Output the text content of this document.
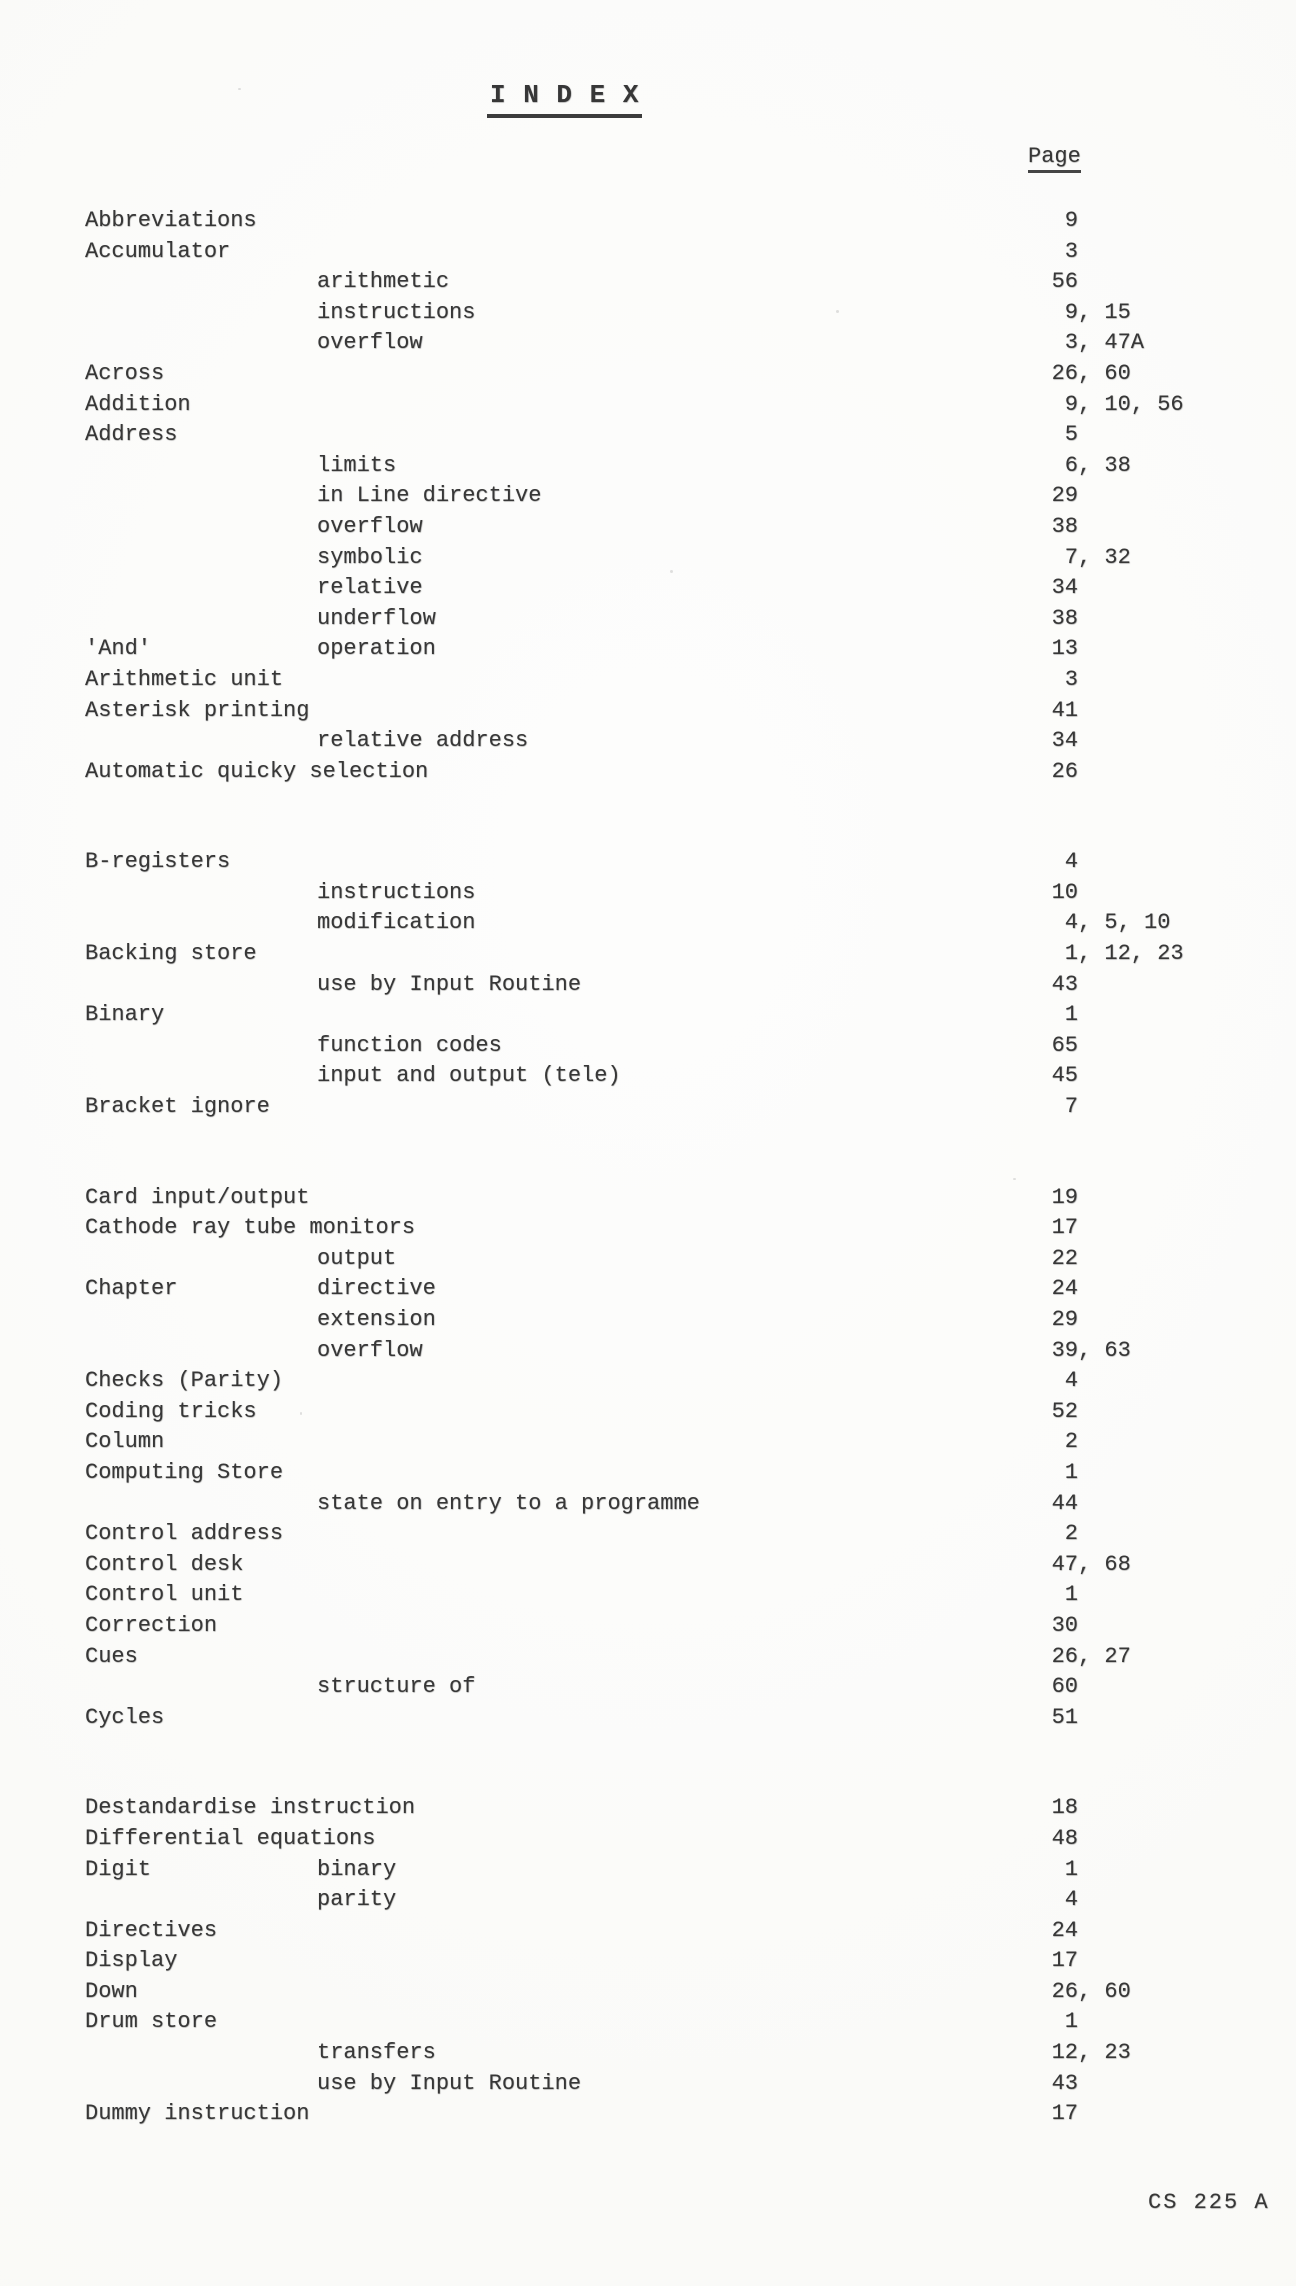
I N D E X
Page
Abbreviations	9
Accumulator	3
arithmetic	56
instructions	9, 15
overflow	3, 47A
Across	26, 60
Addition	9, 10, 56
Address	5
limits	6, 38
in Line directive	29
overflow	38
symbolic	7, 32
relative	34
underflow	38
'And'	operation	13
Arithmetic unit	3
Asterisk printing	41
relative address	34
Automatic quicky selection	26
B-registers	4
instructions	10
modification	4, 5, 10
Backing store	1, 12, 23
use by Input Routine	43
Binary	1
function codes	65
input and output (tele)	45
Bracket ignore	7
Card input/output	19
Cathode ray tube monitors	17
output	22
Chapter	directive	24
extension	29
overflow	39, 63
Checks (Parity)	4
Coding tricks	52
Column	2
Computing Store	1
state on entry to a programme	44
Control address	2
Control desk	47, 68
Control unit	1
Correction	30
Cues	26, 27
structure of	60
Cycles	51
Destandardise instruction	18
Differential equations	48
Digit	binary	1
parity	4
Directives	24
Display	17
Down	26, 60
Drum store	1
transfers	12, 23
use by Input Routine	43
Dummy instruction	17
CS 225 A
